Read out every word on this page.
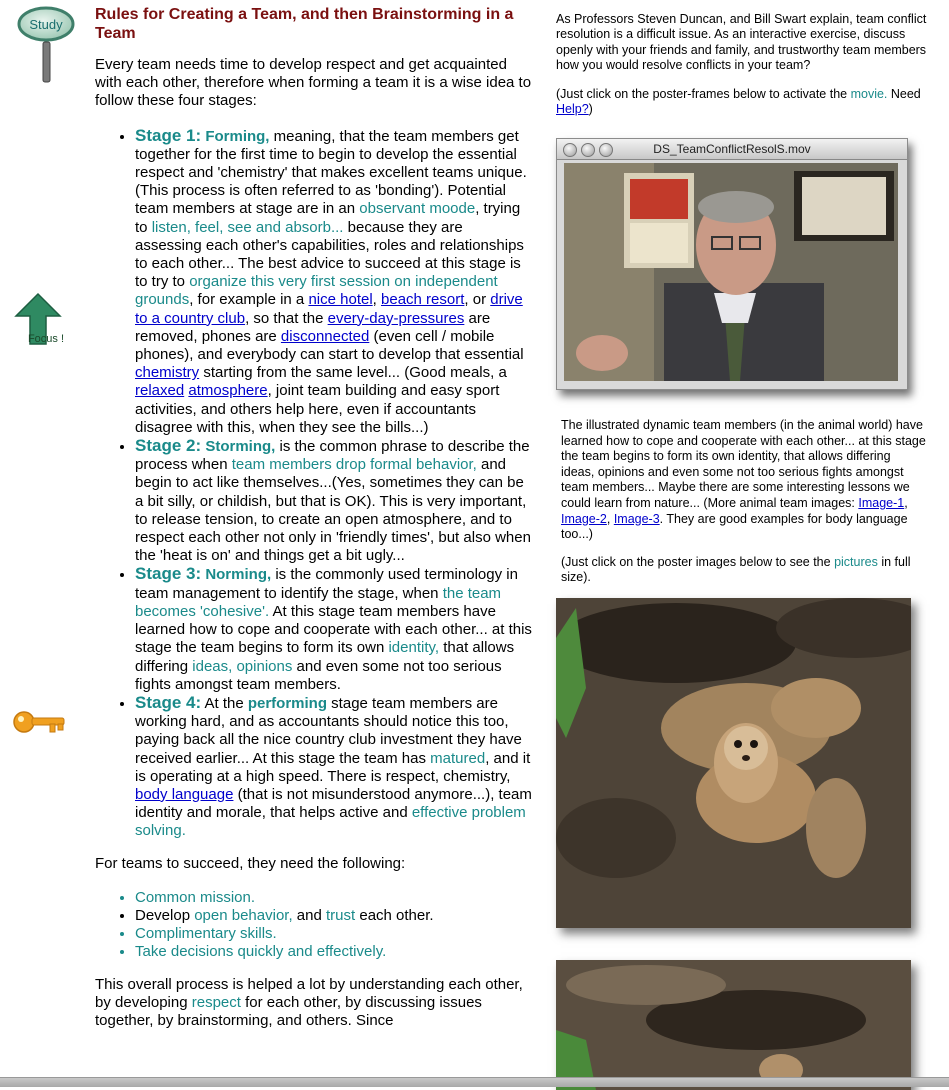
Study
Focus !
Rules for Creating a Team, and then Brainstorming in a Team

Every team needs time to develop respect and get acquainted with each other, therefore when forming a team it is a wise idea to follow these four stages:

• Stage 1: Forming, meaning, that the team members get together for the first time to begin to develop the essential respect and 'chemistry' that makes excellent teams unique. (This process is often referred to as 'bonding'). Potential team members at stage are in an observant moode, trying to listen, feel, see and absorb... because they are assessing each other's capabilities, roles and relationships to each other... The best advice to succeed at this stage is to try to organize this very first session on independent grounds, for example in a nice hotel, beach resort, or drive to a country club, so that the every-day-pressures are removed, phones are disconnected (even cell / mobile phones), and everybody can start to develop that essential chemistry starting from the same level... (Good meals, a relaxed atmosphere, joint team building and easy sport activities, and others help here, even if accountants disagree with this, when they see the bills...)
• Stage 2: Storming, is the common phrase to describe the process when team members drop formal behavior, and begin to act like themselves...(Yes, sometimes they can be a bit silly, or childish, but that is OK). This is very important, to release tension, to create an open atmosphere, and to respect each other not only in 'friendly times', but also when the 'heat is on' and things get a bit ugly...
• Stage 3: Norming, is the commonly used terminology in team management to identify the stage, when the team becomes 'cohesive'. At this stage team members have learned how to cope and cooperate with each other... at this stage the team begins to form its own identity, that allows differing ideas, opinions and even some not too serious fights amongst team members.
• Stage 4: At the performing stage team members are working hard, and as accountants should notice this too, paying back all the nice country club investment they have received earlier... At this stage the team has matured, and it is operating at a high speed. There is respect, chemistry, body language (that is not misunderstood anymore...), team identity and morale, that helps active and effective problem solving.

For teams to succeed, they need the following:

• Common mission.
• Develop open behavior, and trust each other.
• Complimentary skills.
• Take decisions quickly and effectively.

This overall process is helped a lot by understanding each other, by developing respect for each other, by discussing issues together, by brainstorming, and others. Since

As Professors Steven Duncan, and Bill Swart explain, team conflict resolution is a difficult issue. As an interactive exercise, discuss openly with your friends and family, and trustworthy team members how you would resolve conflicts in your team?

(Just click on the poster-frames below to activate the movie. Need Help?)

DS_TeamConflictResolS.mov

The illustrated dynamic team members (in the animal world) have learned how to cope and cooperate with each other... at this stage the team begins to form its own identity, that allows differing ideas, opinions and even some not too serious fights amongst team members... Maybe there are some interesting lessons we could learn from nature... (More animal team images: Image-1, Image-2, Image-3. They are good examples for body language too...)

(Just click on the poster images below to see the pictures in full size).
